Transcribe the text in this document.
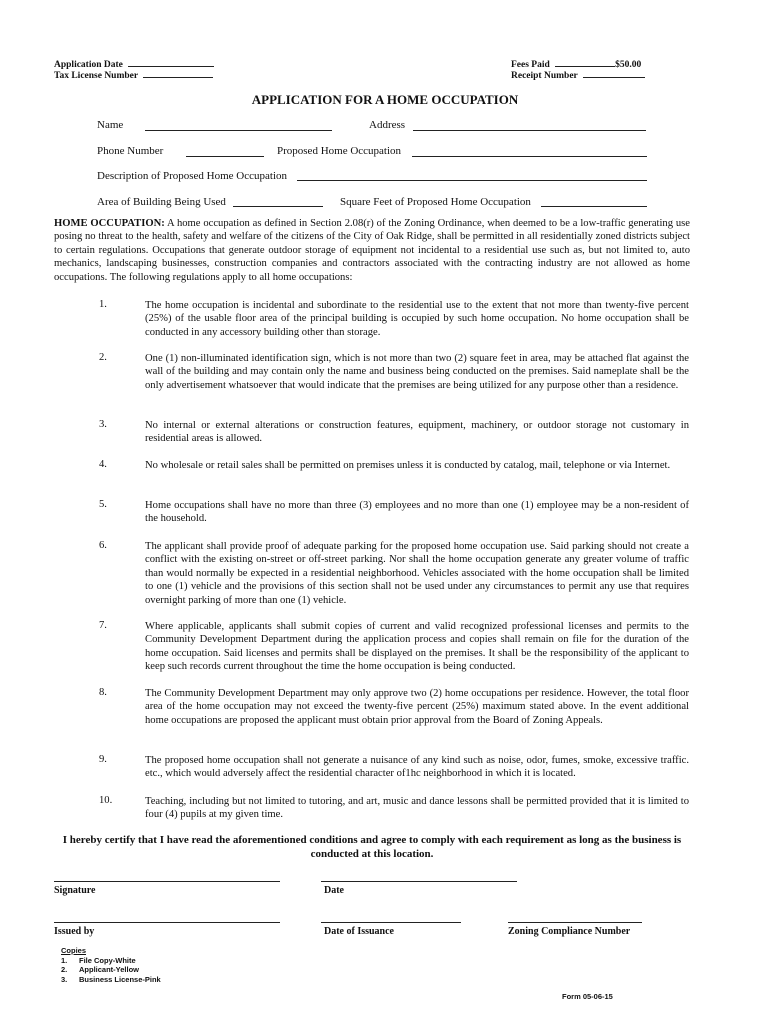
Application Date
Tax License Number
Fees Paid	$50.00
Receipt Number
APPLICATION FOR A HOME OCCUPATION
Name	Address
Phone Number	Proposed Home Occupation
Description of Proposed Home Occupation
Area of Building Being Used	Square Feet of Proposed Home Occupation
HOME OCCUPATION: A home occupation as defined in Section 2.08(r) of the Zoning Ordinance, when deemed to be a low-traffic generating use posing no threat to the health, safety and welfare of the citizens of the City of Oak Ridge, shall be permitted in all residentially zoned districts subject to certain regulations. Occupations that generate outdoor storage of equipment not incidental to a residential use such as, but not limited to, auto mechanics, landscaping businesses, construction companies and contractors associated with the contracting industry are not allowed as home occupations. The following regulations apply to all home occupations:
1.	The home occupation is incidental and subordinate to the residential use to the extent that not more than twenty-five percent (25%) of the usable floor area of the principal building is occupied by such home occupation. No home occupation shall be conducted in any accessory building other than storage.
2.	One (1) non-illuminated identification sign, which is not more than two (2) square feet in area, may be attached flat against the wall of the building and may contain only the name and business being conducted on the premises. Said nameplate shall be the only advertisement whatsoever that would indicate that the premises are being utilized for any purpose other than a residence.
3.	No internal or external alterations or construction features, equipment, machinery, or outdoor storage not customary in residential areas is allowed.
4.	No wholesale or retail sales shall be permitted on premises unless it is conducted by catalog, mail, telephone or via Internet.
5.	Home occupations shall have no more than three (3) employees and no more than one (1) employee may be a non-resident of the household.
6.	The applicant shall provide proof of adequate parking for the proposed home occupation use. Said parking should not create a conflict with the existing on-street or off-street parking. Nor shall the home occupation generate any greater volume of traffic than would normally be expected in a residential neighborhood. Vehicles associated with the home occupation shall be limited to one (1) vehicle and the provisions of this section shall not be used under any circumstances to permit any use that requires overnight parking of more than one (1) vehicle.
7.	Where applicable, applicants shall submit copies of current and valid recognized professional licenses and permits to the Community Development Department during the application process and copies shall remain on file for the duration of the home occupation. Said licenses and permits shall be displayed on the premises. It shall be the responsibility of the applicant to keep such records current throughout the time the home occupation is being conducted.
8.	The Community Development Department may only approve two (2) home occupations per residence. However, the total floor area of the home occupation may not exceed the twenty-five percent (25%) maximum stated above. In the event additional home occupations are proposed the applicant must obtain prior approval from the Board of Zoning Appeals.
9.	The proposed home occupation shall not generate a nuisance of any kind such as noise, odor, fumes, smoke, excessive traffic. etc., which would adversely affect the residential character of1hc neighborhood in which it is located.
10.	Teaching, including but not limited to tutoring, and art, music and dance lessons shall be permitted provided that it is limited to four (4) pupils at my given time.
I hereby certify that I have read the aforementioned conditions and agree to comply with each requirement as long as the business is conducted at this location.
Signature	Date
Issued by	Date of Issuance	Zoning Compliance Number
Copies
1. File Copy-White
2. Applicant-Yellow
3. Business License-Pink
Form 05-06-15
